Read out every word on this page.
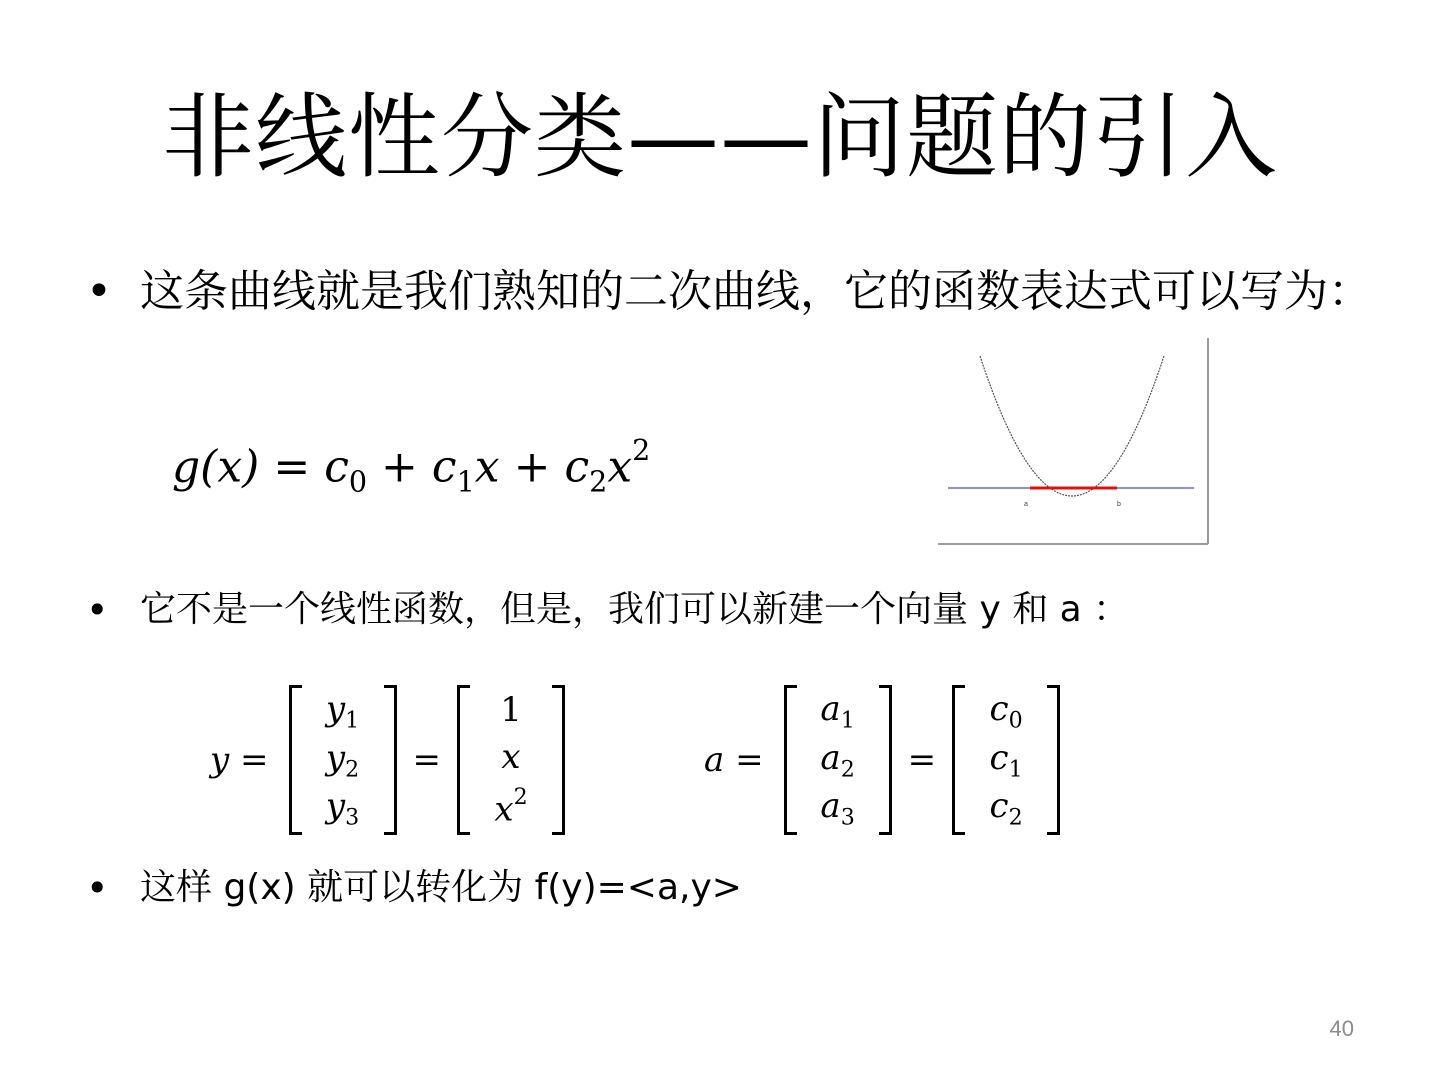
非线性分类——问题的引入
• 这条曲线就是我们熟知的二次曲线，它的函数表达式可以写为：
$g(x) = c_0 + c_1x + c_2x^2$
a	b
• 它不是一个线性函数，但是，我们可以新建一个向量 y 和 a ：
y =
$y_1$
$y_2$
$y_3$
=
1
x
$x^2$
a =
$a_1$
$a_2$
$a_3$
=
$c_0$
$c_1$
$c_2$
• 这样 g(x) 就可以转化为 f(y)=<a,y>
40
